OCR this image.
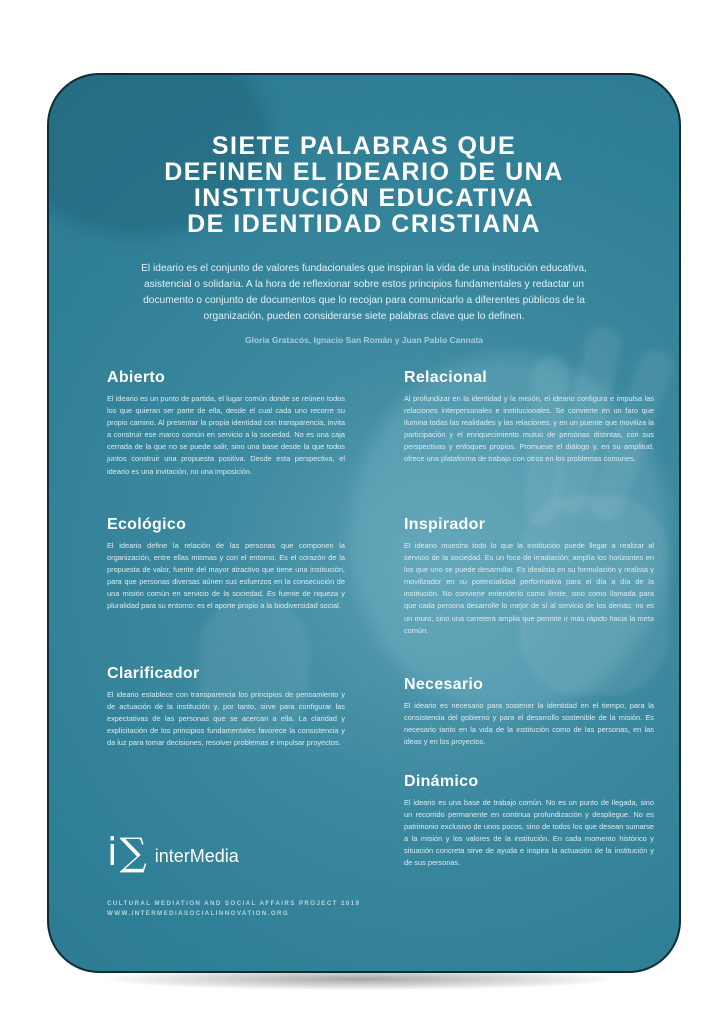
SIETE PALABRAS QUE
DEFINEN EL IDEARIO DE UNA
INSTITUCIÓN EDUCATIVA
DE IDENTIDAD CRISTIANA
El ideario es el conjunto de valores fundacionales que inspiran la vida de una institución educativa, asistencial o solidaria. A la hora de reflexionar sobre estos principios fundamentales y redactar un documento o conjunto de documentos que lo recojan para comunicarlo a diferentes públicos de la organización, pueden considerarse siete palabras clave que lo definen.
Gloria Gratacós, Ignacio San Román y Juan Pablo Cannata
Abierto

El ideario es un punto de partida, el lugar común donde se reúnen todos los que quieran ser parte de ella, desde el cual cada uno recorre su propio camino. Al presentar la propia identidad con transparencia, invita a construir ese marco común en servicio a la sociedad. No es una caja cerrada de la que no se puede salir, sino una base desde la que todos juntos construir una propuesta positiva. Desde esta perspectiva, el ideario es una invitación, no una imposición.

Ecológico

El ideario define la relación de las personas que componen la organización, entre ellas mismas y con el entorno. Es el corazón de la propuesta de valor, fuente del mayor atractivo que tiene una institución, para que personas diversas aúnen sus esfuerzos en la consecución de una misión común en servicio de la sociedad. Es fuente de riqueza y pluralidad para su entorno: es el aporte propio a la biodiversidad social.

Clarificador

El ideario establece con transparencia los principios de pensamiento y de actuación de la institución y, por tanto, sirve para configurar las expectativas de las personas que se acercan a ella. La claridad y explicitación de los principios fundamentales favorece la consistencia y da luz para tomar decisiones, resolver problemas e impulsar proyectos.

Relacional

Al profundizar en la identidad y la misión, el ideario configura e impulsa las relaciones interpersonales e institucionales. Se convierte en un faro que ilumina todas las realidades y las relaciones; y en un puente que moviliza la participación y el enriquecimiento mutuo de personas distintas, con sus perspectivas y enfoques propios. Promueve el diálogo y, en su amplitud, ofrece una plataforma de trabajo con otros en los problemas comunes.

Inspirador

El ideario muestra todo lo que la institución puede llegar a realizar al servicio de la sociedad. Es un foco de irradiación; amplía los horizontes en los que uno se puede desarrollar. Es idealista en su formulación y realista y movilizador en su potencialidad performativa para el día a día de la institución. No conviene entenderlo como límite, sino como llamada para que cada persona desarrolle lo mejor de sí al servicio de los demás; no es un muro, sino una carretera amplia que permite ir más rápido hacia la meta común.

Necesario

El ideario es necesario para sostener la identidad en el tiempo, para la consistencia del gobierno y para el desarrollo sostenible de la misión. Es necesario tanto en la vida de la institución como de las personas, en las ideas y en los proyectos.

Dinámico

El ideario es una base de trabajo común. No es un punto de llegada, sino un recorrido permanente en continua profundización y despliegue. No es patrimonio exclusivo de unos pocos, sino de todos los que desean sumarse a la misión y los valores de la institución. En cada momento histórico y situación concreta sirve de ayuda e inspira la actuación de la institución y de sus personas.

i ∑ interMedia
CULTURAL MEDIATION AND SOCIAL AFFAIRS PROJECT 2019
WWW.INTERMEDIASOCIALINNOVATION.ORG
